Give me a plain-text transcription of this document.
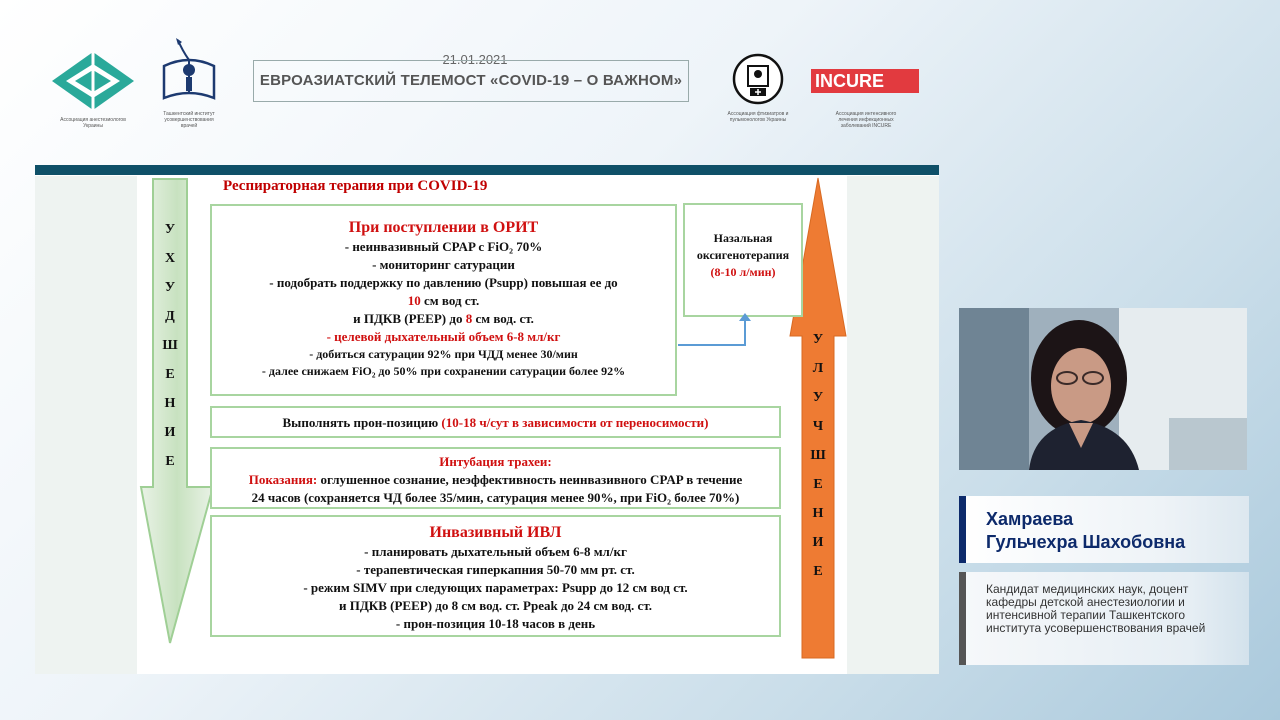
Ассоциация анестезиологов Украины
Ташкентский институт усовершенствования врачей
21.01.2021
ЕВРОАЗИАТСКИЙ ТЕЛЕМОСТ «COVID-19 – О ВАЖНОМ»
Ассоциация фтизиатров и пульмонологов Украины
INCURE
Ассоциация интенсивного лечения инфекционных заболеваний INCURE
У
Х
У
Д
Ш
Е
Н
И
Е
У
Л
У
Ч
Ш
Е
Н
И
Е
Респираторная терапия при COVID-19
При поступлении в ОРИТ
- неинвазивный CPAP с FiO₂ 70%
- мониторинг сатурации
- подобрать поддержку по давлению (Psupp) повышая ее до
10 см вод ст.
и ПДКВ (PEEP) до 8 см вод. ст.
- целевой дыхательный объем 6-8 мл/кг
- добиться сатурации 92% при ЧДД менее 30/мин
- далее снижаем FiO₂ до 50% при сохранении сатурации более 92%
Назальная
оксигенотерапия
(8-10 л/мин)
Выполнять прон-позицию (10-18 ч/сут в зависимости от переносимости)
Интубация трахеи:
Показания: оглушенное сознание, неэффективность неинвазивного CPAP в течение
24 часов (сохраняется ЧД более 35/мин, сатурация менее 90%, при FiO₂ более 70%)
Инвазивный ИВЛ
- планировать дыхательный объем 6-8 мл/кг
- терапевтическая гиперкапния 50-70 мм рт. ст.
- режим SIMV при следующих параметрах: Psupp до 12 см вод ст.
и ПДКВ (PEEP) до 8 см вод. ст. Ppeak до 24 см вод. ст.
- прон-позиция 10-18 часов в день
Хамраева
Гульчехра Шахобовна
Кандидат медицинских наук, доцент кафедры детской анестезиологии и интенсивной терапии Ташкентского института усовершенствования врачей
